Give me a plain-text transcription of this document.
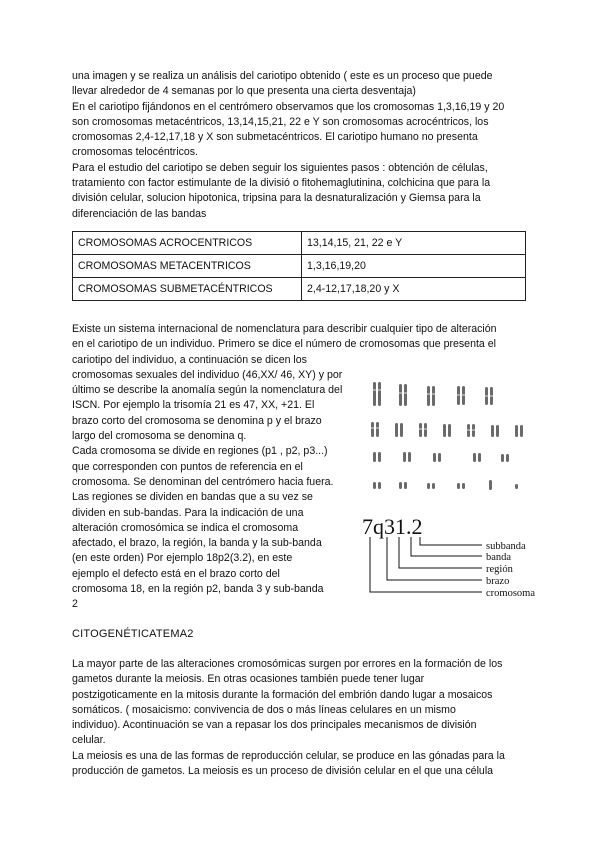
una imagen y se realiza un análisis del cariotipo obtenido ( este es un proceso que puede
llevar alrededor de 4 semanas por lo que presenta una cierta desventaja)
En el cariotipo fijándonos en el centrómero observamos que los cromosomas 1,3,16,19 y 20
son cromosomas metacéntricos, 13,14,15,21, 22 e Y son cromosomas acrocéntricos, los
cromosomas 2,4-12,17,18 y X son submetacéntricos. El cariotipo humano no presenta
cromosomas telocéntricos.
Para el estudio del cariotipo se deben seguir los siguientes pasos : obtención de células,
tratamiento con factor estimulante de la divisió o fitohemaglutinina, colchicina que para la
división celular, solucion hipotonica, tripsina para la desnaturalización y Giemsa para la
diferenciación de las bandas
CROMOSOMAS ACROCENTRICOS	13,14,15, 21, 22 e Y
CROMOSOMAS METACENTRICOS	1,3,16,19,20
CROMOSOMAS SUBMETACÉNTRICOS	2,4-12,17,18,20 y X
Existe un sistema internacional de nomenclatura para describir cualquier tipo de alteración
en el cariotipo de un individuo. Primero se dice el número de cromosomas que presenta el
cariotipo del individuo, a continuación se dicen los
cromosomas sexuales del individuo (46,XX/ 46, XY) y por
último se describe la anomalía según la nomenclatura del
ISCN. Por ejemplo la trisomía 21 es 47, XX, +21. El
brazo corto del cromosoma se denomina p y el brazo
largo del cromosoma se denomina q.
Cada cromosoma se divide en regiones (p1 , p2, p3...)
que corresponden con puntos de referencia en el
cromosoma. Se denominan del centrómero hacia fuera.
Las regiones se dividen en bandas que a su vez se
dividen en sub-bandas. Para la indicación de una
alteración cromosómica se indica el cromosoma
afectado, el brazo, la región, la banda y la sub-banda
(en este orden) Por ejemplo 18p2(3.2), en este
ejemplo el defecto está en el brazo corto del
cromosoma 18, en la región p2, banda 3 y sub-banda
2
7q31.2
subbanda
banda
región
brazo
cromosoma
CITOGENÉTICATEMA2
La mayor parte de las alteraciones cromosómicas surgen por errores en la formación de los
gametos durante la meiosis. En otras ocasiones también puede tener lugar
postzigoticamente en la mitosis durante la formación del embrión dando lugar a mosaicos
somáticos. ( mosaicismo: convivencia de dos o más líneas celulares en un mismo
individuo). Acontinuación se van a repasar los dos principales mecanismos de división
celular.
La meiosis es una de las formas de reproducción celular, se produce en las gónadas para la
producción de gametos. La meiosis es un proceso de división celular en el que una célula
